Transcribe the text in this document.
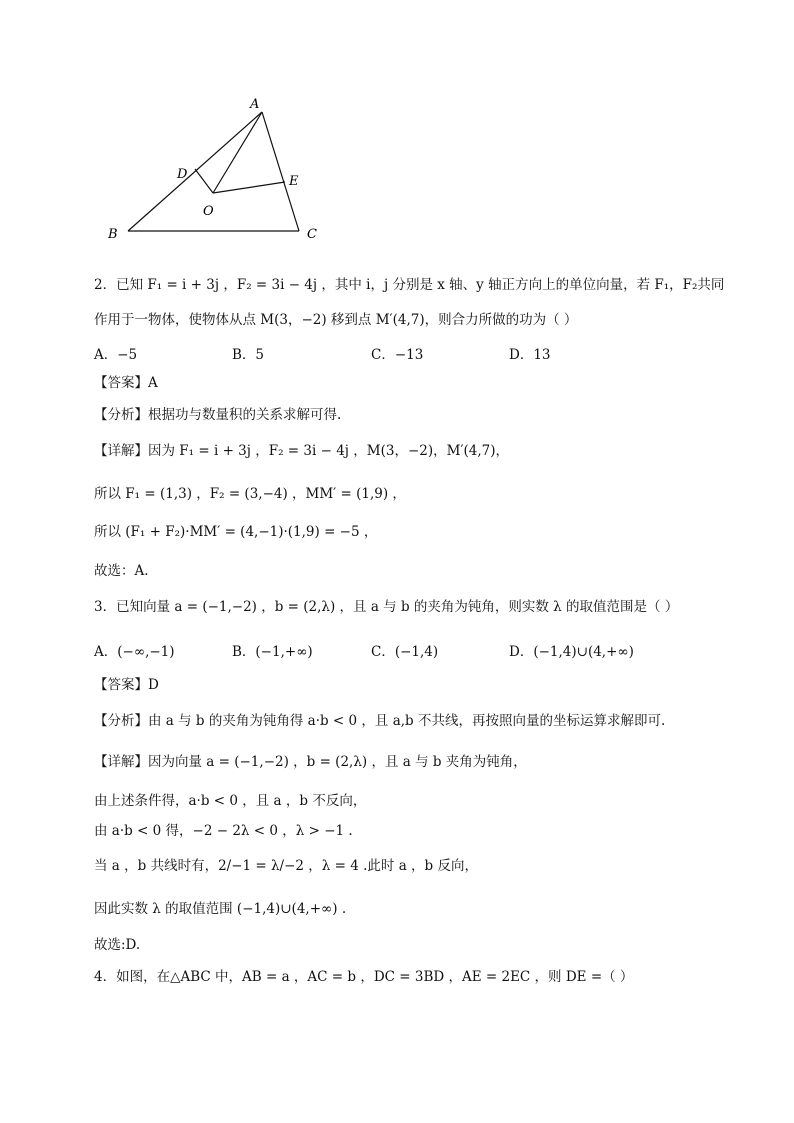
A
B	C
D	E
O
2．已知 F₁ = i + 3j ，F₂ = 3i − 4j ，其中 i，j 分别是 x 轴、y 轴正方向上的单位向量，若 F₁，F₂共同
作用于一物体，使物体从点 M(3，−2) 移到点 M′(4,7)，则合力所做的功为（ ）
A．−5	B．5	C．−13	D．13
【答案】A
【分析】根据功与数量积的关系求解可得.
【详解】因为 F₁ = i + 3j ，F₂ = 3i − 4j ，M(3，−2)，M′(4,7)，
所以 F₁ = (1,3) ，F₂ = (3,−4) ，MM′ = (1,9) ，
所以 (F₁ + F₂)·MM′ = (4,−1)·(1,9) = −5 ，
故选：A.
3．已知向量 a = (−1,−2) ，b = (2,λ) ，且 a 与 b 的夹角为钝角，则实数 λ 的取值范围是（ ）
A．(−∞,−1)	B．(−1,+∞)	C．(−1,4)	D．(−1,4)∪(4,+∞)
【答案】D
【分析】由 a 与 b 的夹角为钝角得 a·b < 0 ，且 a,b 不共线，再按照向量的坐标运算求解即可.
【详解】因为向量 a = (−1,−2) ，b = (2,λ) ，且 a 与 b 夹角为钝角，
由上述条件得，a·b < 0 ，且 a ，b 不反向，
由 a·b < 0 得，−2 − 2λ < 0 ，λ > −1 .
当 a ，b 共线时有，2/−1 = λ/−2 ，λ = 4 .此时 a ，b 反向，
因此实数 λ 的取值范围 (−1,4)∪(4,+∞) .
故选:D.
4．如图，在△ABC 中，AB = a ，AC = b ，DC = 3BD ，AE = 2EC ，则 DE =（ ）
